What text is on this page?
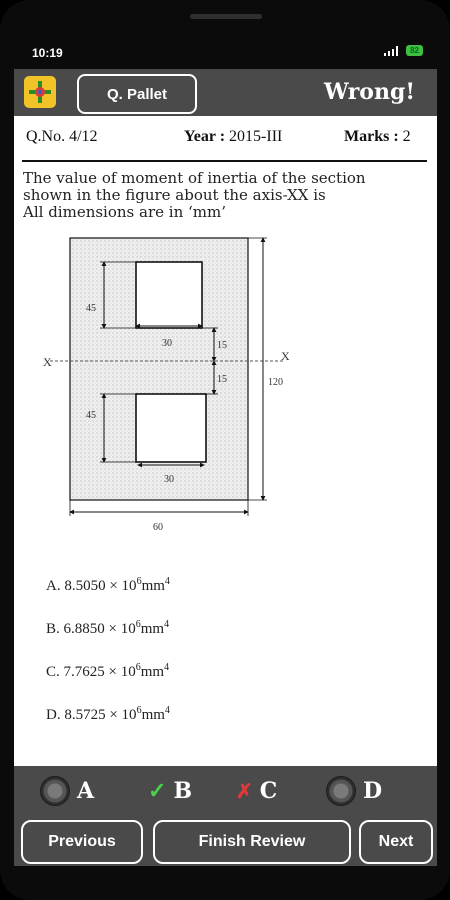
10:19	82
Q. Pallet	Wrong!
Q.No. 4/12	Year : 2015-III	Marks : 2
The value of moment of inertia of the section
shown in the figure about the axis-XX is
All dimensions are in ‘mm’
X	X
45
45
30
30
15
15	120
60
A. $8.5050 \times 10^6mm^4$
B. $6.8850 \times 10^6mm^4$
C. $7.7625 \times 10^6mm^4$
D. $8.5725 \times 10^6mm^4$
A ✓ B ✗ C	D
Previous	Finish Review	Next
